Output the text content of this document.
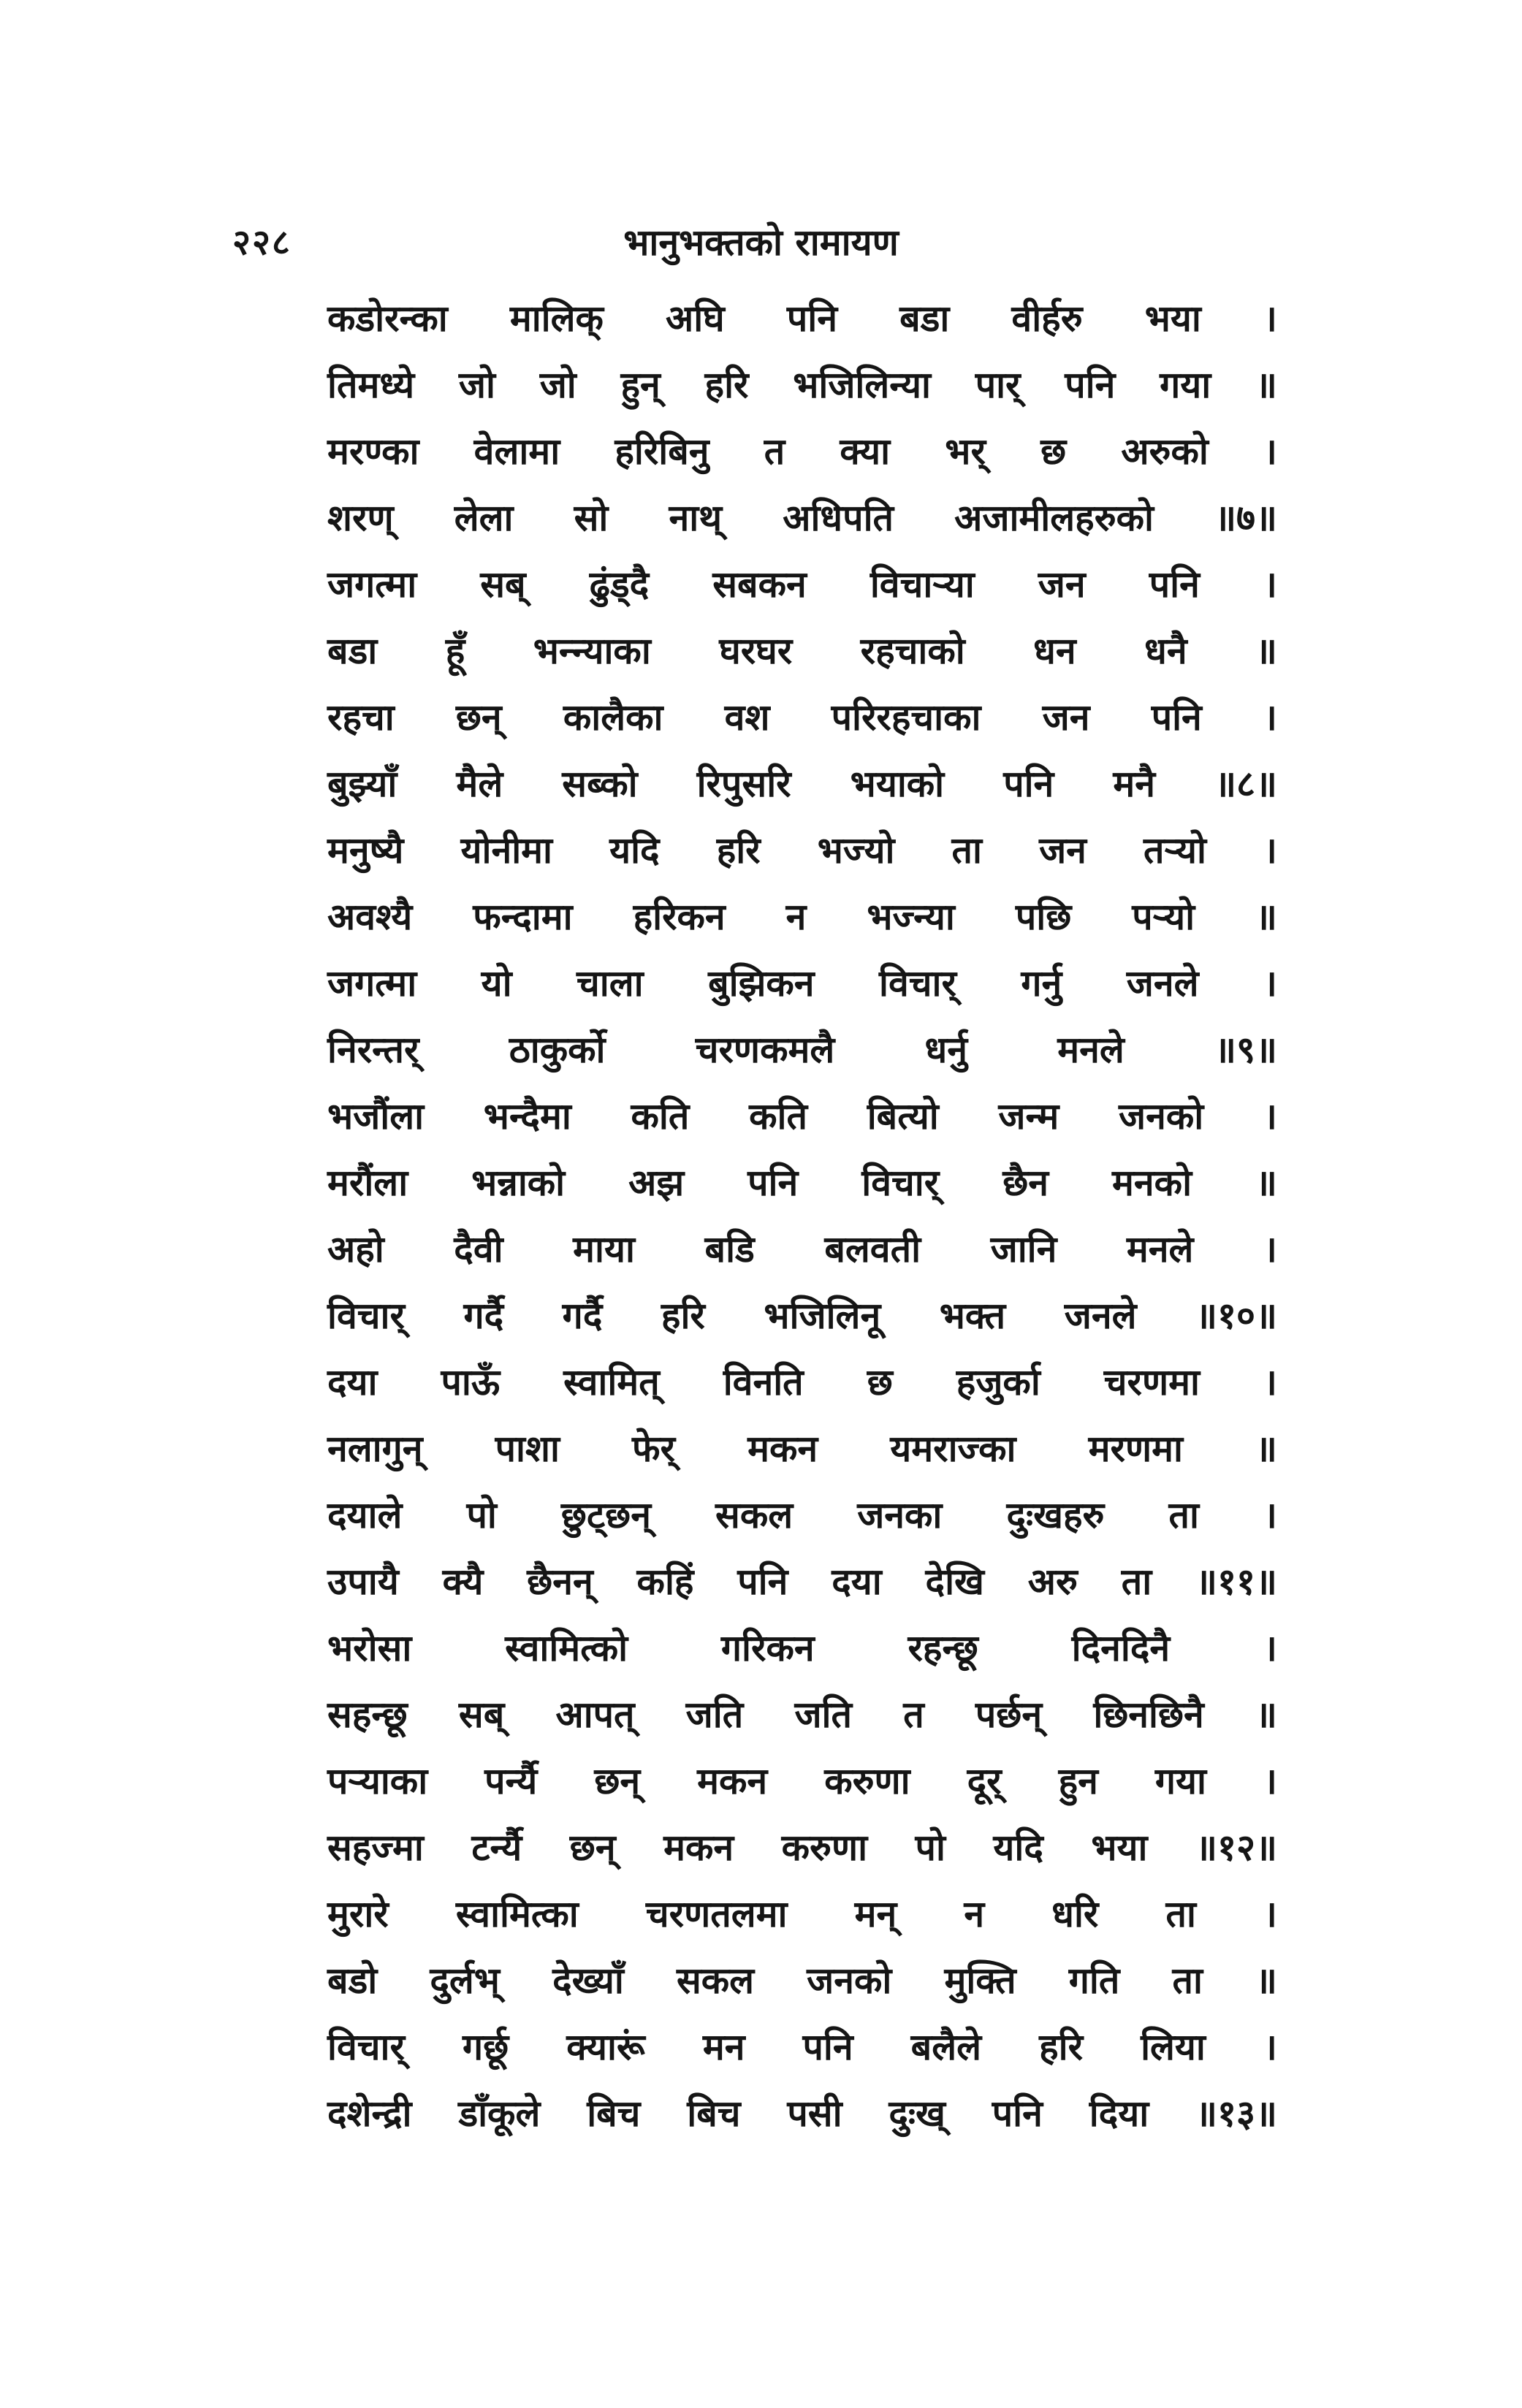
२२८	भानुभक्तको रामायण
कडोरन्का मालिक् अघि पनि बडा वीर्हरु भया ।
तिमध्ये जो जो हुन् हरि भजिलिन्या पार् पनि गया ॥
मरण्का वेलामा हरिबिनु त क्या भर् छ अरुको ।
शरण् लेला सो नाथ् अधिपति अजामीलहरुको ॥७॥
जगत्मा सब् ढुंड्दै सबकन विचार्‍या जन पनि ।
बडा हूँ भन्न्याका घरघर रहचाको धन धनै ॥
रहचा छन् कालैका वश परिरहचाका जन पनि ।
बुझ्याँ मैले सब्को रिपुसरि भयाको पनि मनै ॥८॥
मनुष्यै योनीमा यदि हरि भज्यो ता जन तर्‍यो ।
अवश्यै फन्दामा हरिकन न भज्न्या पछि पर्‍यो ॥
जगत्मा यो चाला बुझिकन विचार् गर्नु जनले ।
निरन्तर् ठाकुर्को चरणकमलै धर्नु मनले ॥९॥
भजौंला भन्दैमा कति कति बित्यो जन्म जनको ।
मरौंला भन्नाको अझ पनि विचार् छैन मनको ॥
अहो दैवी माया बडि बलवती जानि मनले ।
विचार् गर्दै गर्दै हरि भजिलिनू भक्त जनले ॥१०॥
दया पाऊँ स्वामित् विनति छ हजुर्का चरणमा ।
नलागुन् पाशा फेर् मकन यमराज्का मरणमा ॥
दयाले पो छुट्छन् सकल जनका दुःखहरु ता ।
उपायै क्यै छैनन् कहिं पनि दया देखि अरु ता ॥११॥
भरोसा	स्वामित्को	गरिकन	रहन्छू	दिनदिनै	।
सहन्छू सब् आपत् जति जति त पर्छन् छिनछिनै ॥
पर्‍याका पर्न्यै छन् मकन करुणा दूर् हुन गया ।
सहज्मा टर्न्यै छन् मकन करुणा पो यदि भया ॥१२॥
मुरारे स्वामित्का चरणतलमा मन् न धरि ता ।
बडो दुर्लभ् देख्याँ सकल जनको मुक्ति गति ता ॥
विचार् गर्छू क्यारूं मन पनि बलैले हरि लिया ।
दशेन्द्री डाँकूले बिच बिच पसी दुःख् पनि दिया ॥१३॥
